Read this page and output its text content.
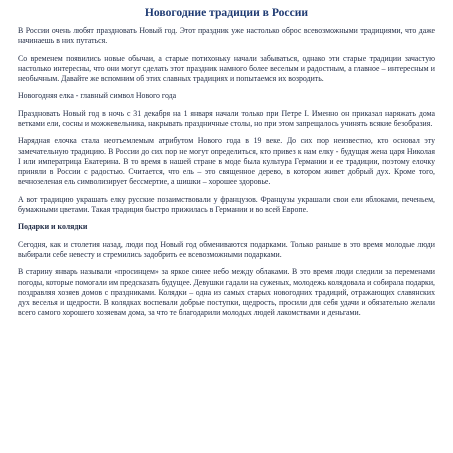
Новогодние традиции в России

В России очень любят праздновать Новый год. Этот праздник уже настолько оброс всевозможными традициями, что даже начинаешь в них путаться.

Со временем появились новые обычаи, а старые потихоньку начали забываться, однако эти старые традиции зачастую настолько интересны, что они могут сделать этот праздник намного более веселым и радостным, а главное – интересным и необычным. Давайте же вспомним об этих славных традициях и попытаемся их возродить.

Новогодняя елка - главный символ Нового года

Праздновать Новый год в ночь с 31 декабря на 1 января начали только при Петре I. Именно он приказал наряжать дома ветками ели, сосны и можжевельника, накрывать праздничные столы, но при этом запрещалось учинять всякие безобразия.

Нарядная елочка стала неотъемлемым атрибутом Нового года в 19 веке. До сих пор неизвестно, кто основал эту замечательную традицию. В России до сих пор не могут определиться, кто привез к нам елку - будущая жена царя Николая I или императрица Екатерина. В то время в нашей стране в моде была культура Германии и ее традиции, поэтому елочку приняли в России с радостью. Считается, что ель – это священное дерево, в котором живет добрый дух. Кроме того, вечнозеленая ель символизирует бессмертие, а шишки – хорошее здоровье.

А вот традицию украшать елку русские позаимствовали у французов. Французы украшали свои ели яблоками, печеньем, бумажными цветами. Такая традиция быстро прижилась в Германии и во всей Европе.

Подарки и колядки

Сегодня, как и столетия назад, люди под Новый год обмениваются подарками. Только раньше в это время молодые люди выбирали себе невесту и стремились задобрить ее всевозможными подарками.

В старину январь называли «просинцем» за яркое синее небо между облаками. В это время люди следили за переменами погоды, которые помогали им предсказать будущее. Девушки гадали на суженых, молодежь колядовала и собирала подарки, поздравляя хозяев домов с праздниками. Колядки – одна из самых старых новогодних традиций, отражающих славянских дух веселья и щедрости. В колядках воспевали добрые поступки, щедрость, просили для себя удачи и обязательно желали всего самого хорошего хозяевам дома, за что те благодарили молодых людей лакомствами и деньгами.
